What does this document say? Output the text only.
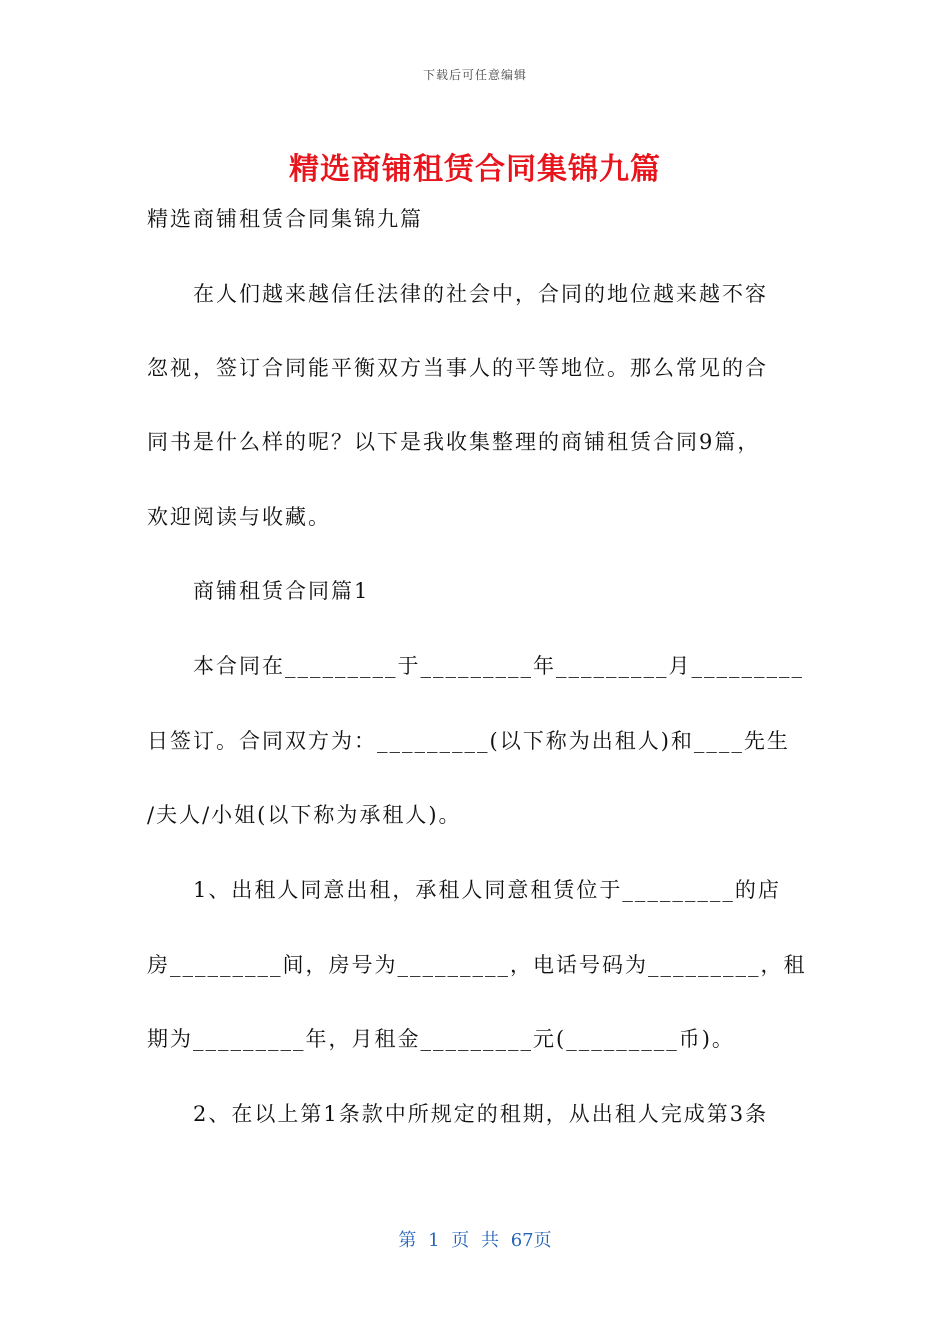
下载后可任意编辑
精选商铺租赁合同集锦九篇
精选商铺租赁合同集锦九篇
在人们越来越信任法律的社会中，合同的地位越来越不容
忽视，签订合同能平衡双方当事人的平等地位。那么常见的合
同书是什么样的呢？以下是我收集整理的商铺租赁合同9篇，
欢迎阅读与收藏。
商铺租赁合同篇1
本合同在_________于_________年_________月_________
日签订。合同双方为：_________(以下称为出租人)和____先生
/夫人/小姐(以下称为承租人)。
1、出租人同意出租，承租人同意租赁位于_________的店
房_________间，房号为_________，电话号码为_________，租
期为_________年，月租金_________元(_________币)。
2、在以上第1条款中所规定的租期，从出租人完成第3条
第 1 页 共 67页
